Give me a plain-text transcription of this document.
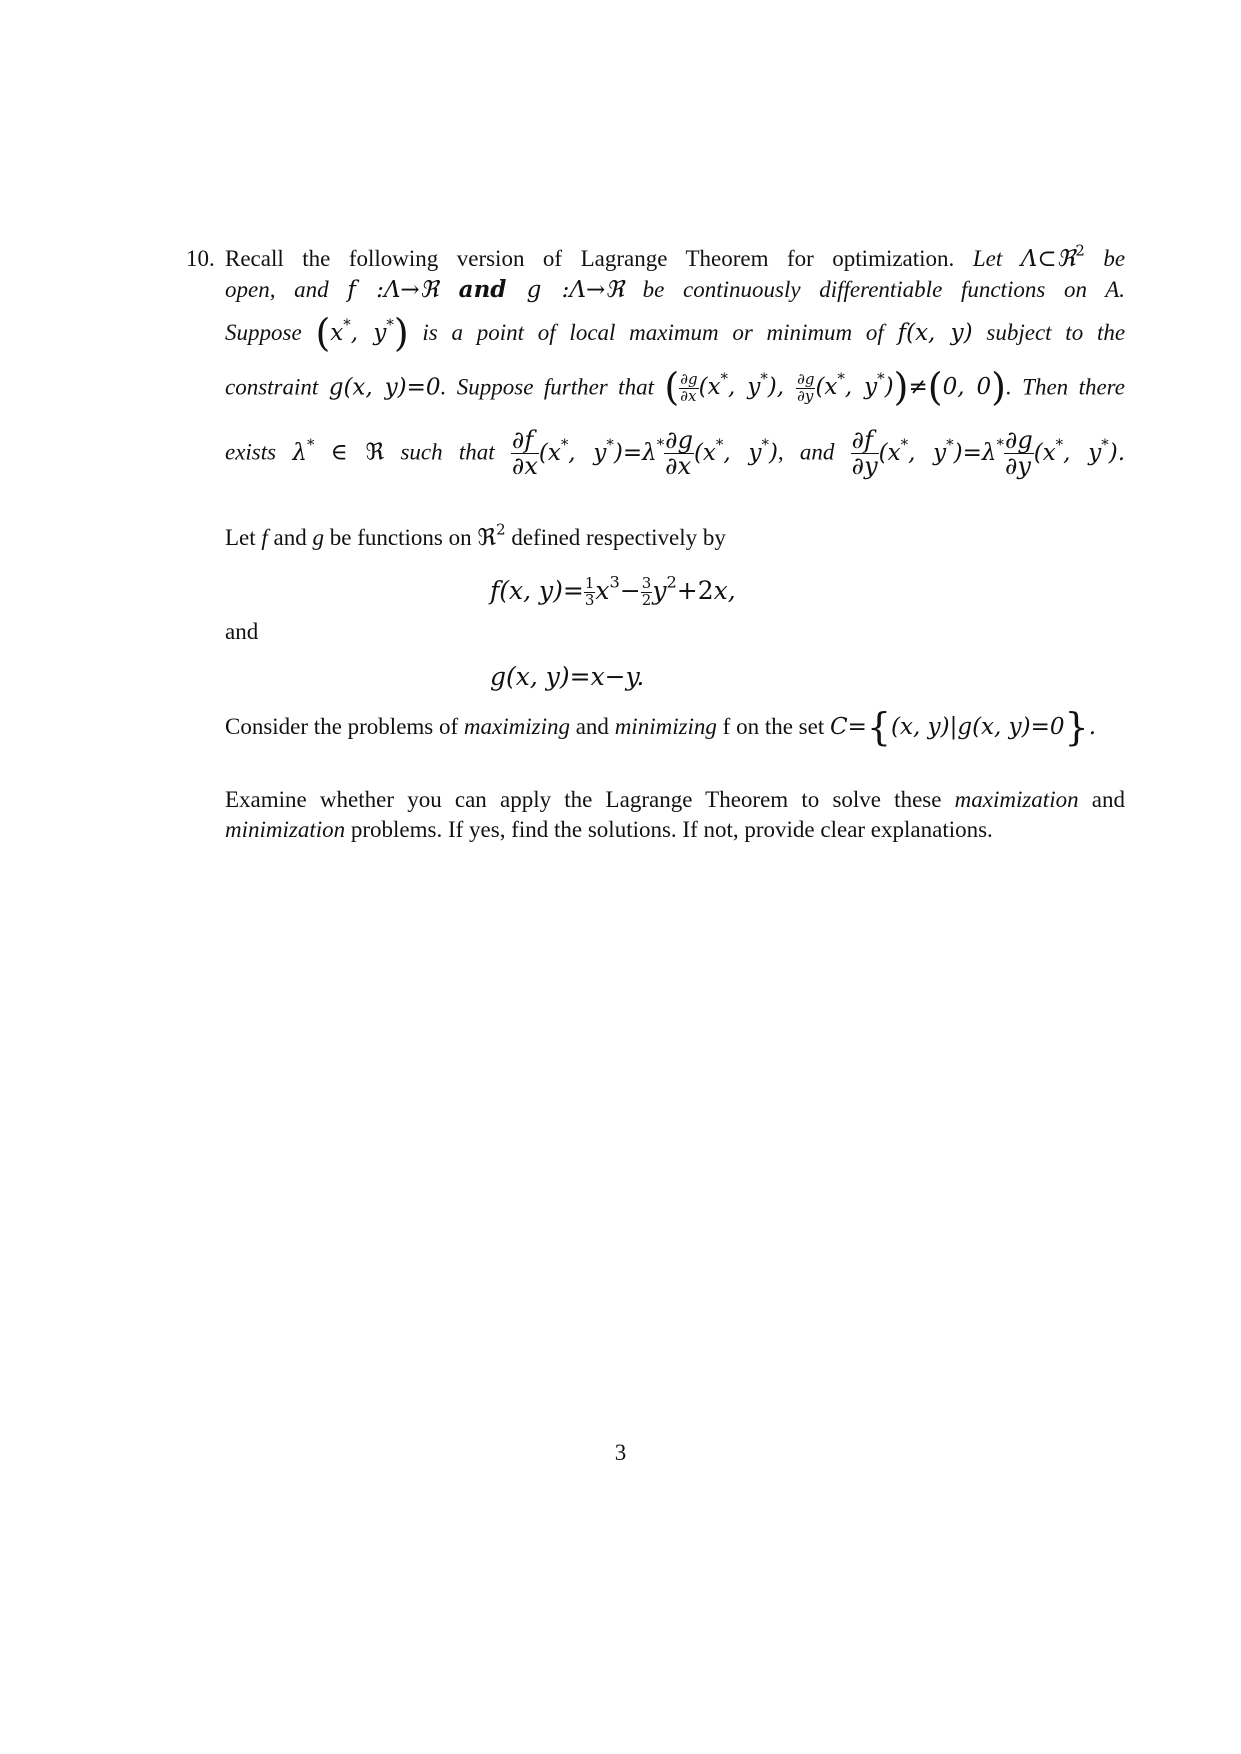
10. Recall the following version of Lagrange Theorem for optimization. Let Λ⊂ℜ$^2$ be
open, and f :Λ→ℜ and g :Λ→ℜ be continuously differentiable functions on A.
Suppose (x*, y*) is a point of local maximum or minimum of f(x, y) subject to the
constraint g(x, y)=0. Suppose further that ( $\frac{\partial g}{\partial x} (x^*$, y*), $\frac{\partial g}{\partial y} (x^*$, y*))≠(0, 0). Then there
exists λ* ∈ ℜ such that $\frac{\partial f}{\partial x} (x^*$, $y^*)=\lambda^* \frac{\partial g}{\partial x} (x^*$, y*), and $\frac{\partial f}{\partial y} (x^*$, $y^*)=\lambda^* \frac{\partial g}{\partial y} (x^*$, y*).
Let f and g be functions on ℜ$^2$ defined respectively by
f(x, $y)= \frac{1}{3} x^3- \frac{3}{2} y^2+2x$,
and
g(x, y)=x−y.
Consider the problems of maximizing and minimizing f on the set C={(x, y)|g(x, y)=0}.
Examine whether you can apply the Lagrange Theorem to solve these maximization and
minimization problems. If yes, find the solutions. If not, provide clear explanations.
3
